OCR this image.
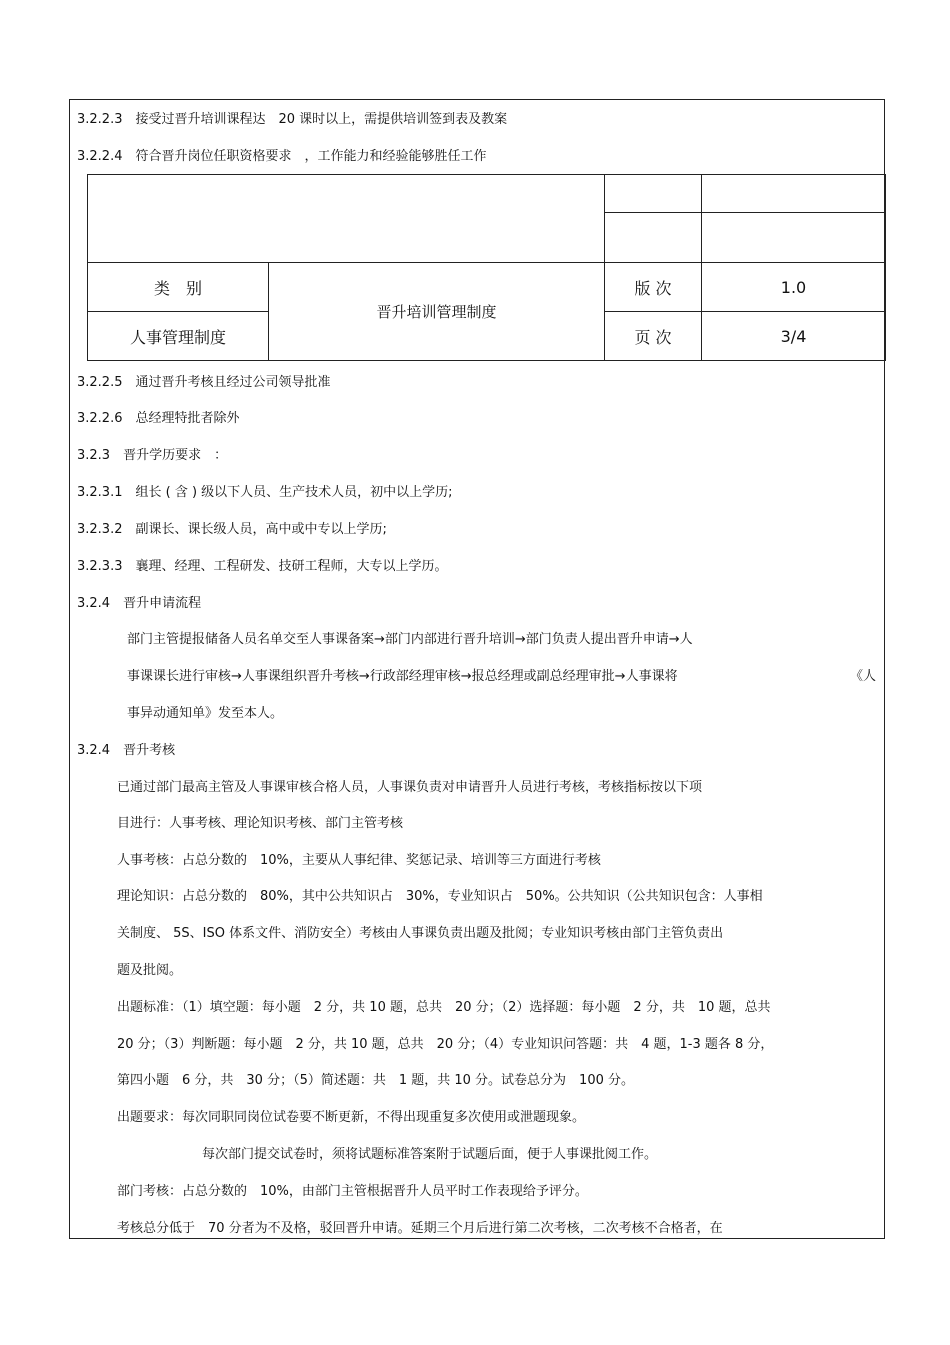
3.2.2.3　接受过晋升培训课程达　20 课时以上，需提供培训签到表及教案
3.2.2.4　符合晋升岗位任职资格要求　，工作能力和经验能够胜任工作

类　别	晋升培训管理制度	版 次	1.0
人事管理制度		页 次	3/4
3.2.2.5　通过晋升考核且经过公司领导批准
3.2.2.6　总经理特批者除外
3.2.3　晋升学历要求　：
3.2.3.1　组长 ( 含 ) 级以下人员、生产技术人员，初中以上学历;
3.2.3.2　副课长、课长级人员，高中或中专以上学历;
3.2.3.3　襄理、经理、工程研发、技研工程师，大专以上学历。
3.2.4　晋升申请流程
部门主管提报储备人员名单交至人事课备案→部门内部进行晋升培训→部门负责人提出晋升申请→人
事课课长进行审核→人事课组织晋升考核→行政部经理审核→报总经理或副总经理审批→人事课将	《人
事异动通知单》发至本人。
3.2.4　晋升考核
已通过部门最高主管及人事课审核合格人员，人事课负责对申请晋升人员进行考核，考核指标按以下项
目进行：人事考核、理论知识考核、部门主管考核
人事考核：占总分数的　10%，主要从人事纪律、奖惩记录、培训等三方面进行考核
理论知识：占总分数的　80%，其中公共知识占　30%，专业知识占　50%。公共知识（公共知识包含：人事相
关制度、 5S、ISO 体系文件、消防安全）考核由人事课负责出题及批阅；专业知识考核由部门主管负责出
题及批阅。
出题标准：（1）填空题：每小题　2 分，共 10 题，总共　20 分；（2）选择题：每小题　2 分，共　10 题，总共
20 分；（3）判断题：每小题　2 分，共 10 题，总共　20 分；（4）专业知识问答题：共　4 题，1-3 题各 8 分，
第四小题　6 分，共　30 分；（5）简述题：共　1 题，共 10 分。试卷总分为　100 分。
出题要求：每次同职同岗位试卷要不断更新，不得出现重复多次使用或泄题现象。
每次部门提交试卷时，须将试题标准答案附于试题后面，便于人事课批阅工作。
部门考核：占总分数的　10%，由部门主管根据晋升人员平时工作表现给予评分。
考核总分低于　70 分者为不及格，驳回晋升申请。延期三个月后进行第二次考核，二次考核不合格者，在
